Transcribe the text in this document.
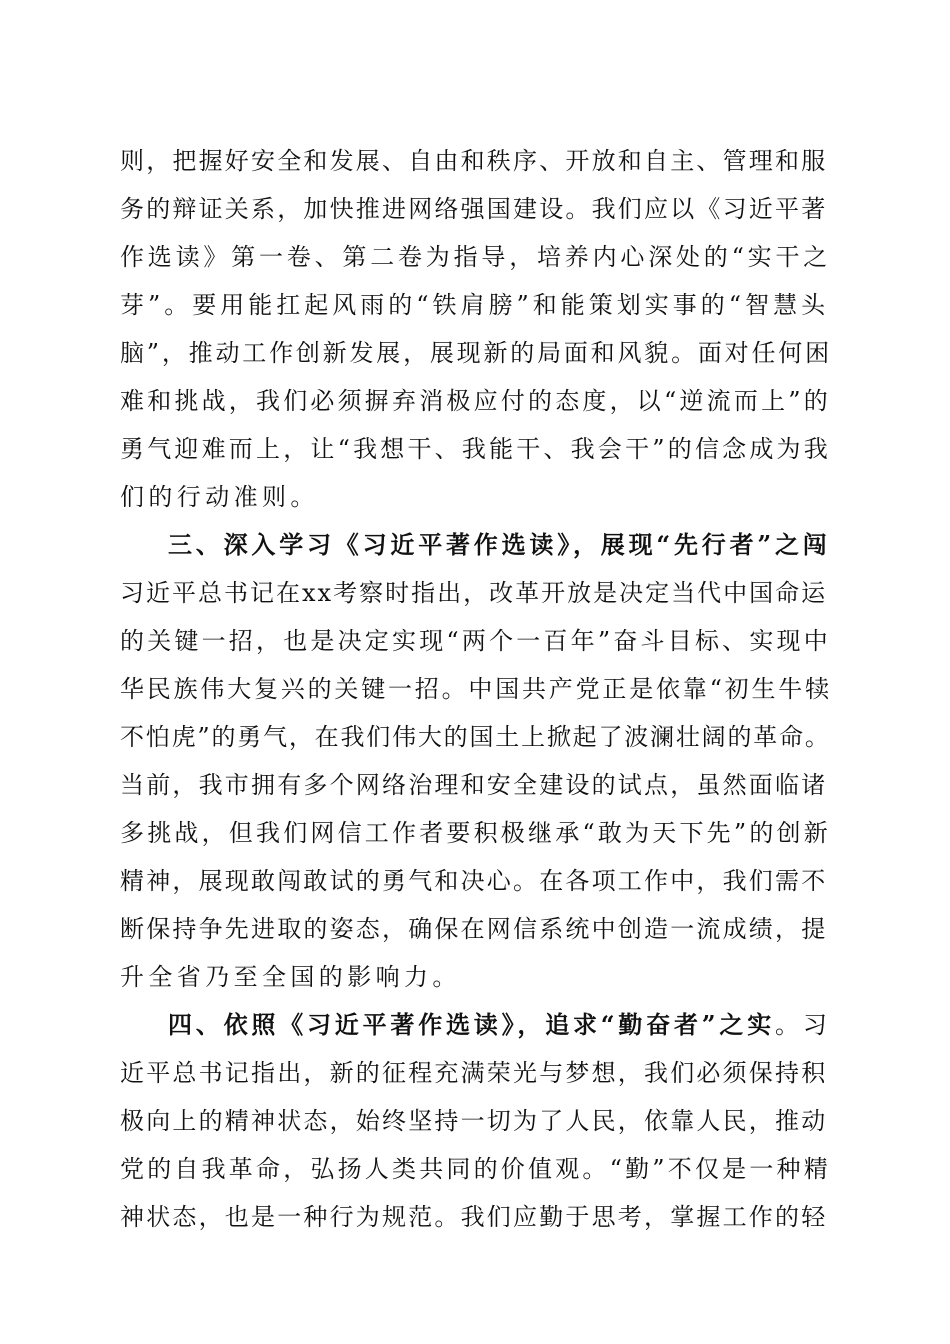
则，把握好安全和发展、自由和秩序、开放和自主、管理和服
务的辩证关系，加快推进网络强国建设。我们应以《习近平著
作选读》第一卷、第二卷为指导，培养内心深处的“实干之
芽”。要用能扛起风雨的“铁肩膀”和能策划实事的“智慧头
脑”，推动工作创新发展，展现新的局面和风貌。面对任何困
难和挑战，我们必须摒弃消极应付的态度，以“逆流而上”的
勇气迎难而上，让“我想干、我能干、我会干”的信念成为我
们的行动准则。
三、深入学习《习近平著作选读》，展现“先行者”之闯
习近平总书记在xx考察时指出，改革开放是决定当代中国命运
的关键一招，也是决定实现“两个一百年”奋斗目标、实现中
华民族伟大复兴的关键一招。中国共产党正是依靠“初生牛犊
不怕虎”的勇气，在我们伟大的国土上掀起了波澜壮阔的革命。
当前，我市拥有多个网络治理和安全建设的试点，虽然面临诸
多挑战，但我们网信工作者要积极继承“敢为天下先”的创新
精神，展现敢闯敢试的勇气和决心。在各项工作中，我们需不
断保持争先进取的姿态，确保在网信系统中创造一流成绩，提
升全省乃至全国的影响力。
四、依照《习近平著作选读》，追求“勤奋者”之实。习
近平总书记指出，新的征程充满荣光与梦想，我们必须保持积
极向上的精神状态，始终坚持一切为了人民，依靠人民，推动
党的自我革命，弘扬人类共同的价值观。“勤”不仅是一种精
神状态，也是一种行为规范。我们应勤于思考，掌握工作的轻
